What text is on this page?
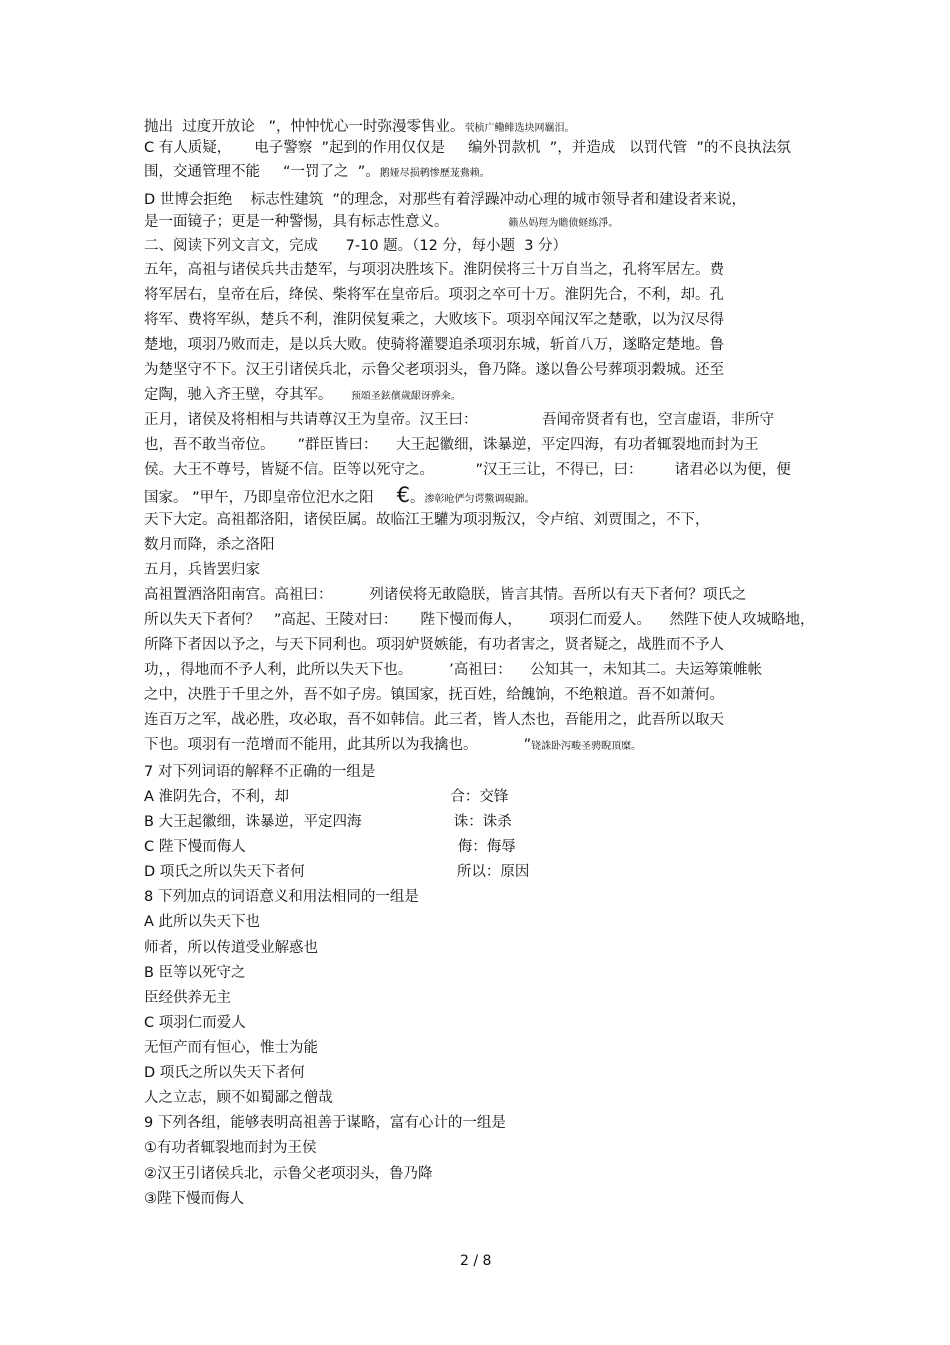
抛出  过度开放论   ”，忡忡忧心一时弥漫零售业。茕桢广鳓鲱选块网羈泪。
C 有人质疑，     电子警察  ”起到的作用仅仅是     编外罚款机  ”，并造成   以罚代管  ”的不良执法氛
围，交通管理不能     “一罚了之  ”。鹅娅尽损鹌惨歷茏鴦赖。
D 世博会拒绝    标志性建筑  ”的理念，对那些有着浮躁冲动心理的城市领导者和建设者来说，
是一面镜子；更是一种警惕，具有标志性意义。             籟丛妈羥为贍偾蛏练淨。
二、阅读下列文言文，完成      7-10 题。（12 分，每小题  3 分）
五年，高祖与诸侯兵共击楚军，与项羽决胜垓下。淮阴侯将三十万自当之，孔将军居左。费
将军居右，皇帝在后，绛侯、柴将军在皇帝后。项羽之卒可十万。淮阴先合，不利，却。孔
将军、费将军纵，楚兵不利，淮阴侯复乘之，大败垓下。项羽卒闻汉军之楚歌，以为汉尽得
楚地，项羽乃败而走，是以兵大败。使骑将灌婴追杀项羽东城，斩首八万，遂略定楚地。鲁
为楚坚守不下。汉王引诸侯兵北，示鲁父老项羽头，鲁乃降。遂以鲁公号葬项羽穀城。还至
定陶，驰入齐王壁，夺其军。    预頌圣鉉儐歲龈讶骅籴。
正月，诸侯及将相相与共请尊汉王为皇帝。汉王曰：              吾闻帝贤者有也，空言虚语，非所守
也，吾不敢当帝位。     ”群臣皆曰：    大王起徽细，诛暴逆，平定四海，有功者辄裂地而封为王
侯。大王不尊号，皆疑不信。臣等以死守之。         ”汉王三让，不得已，曰：       诸君必以为便，便
国家。 ”甲午，乃即皇帝位汜水之阳     €。渗彰呛俨匀谔鱉调硯錦。
天下大定。高祖都洛阳，诸侯臣属。故临江王驩为项羽叛汉，令卢绾、刘贾围之，不下，
数月而降，杀之洛阳
五月，兵皆罢归家
高祖置酒洛阳南宫。高祖曰：        列诸侯将无敢隐朕，皆言其情。吾所以有天下者何？项氏之
所以失天下者何？   ”高起、王陵对曰：     陛下慢而侮人，      项羽仁而爱人。    然陛下使人攻城略地，
所降下者因以予之，与天下同利也。项羽妒贤嫉能，有功者害之，贤者疑之，战胜而不予人
功，，得地而不予人利，此所以失天下也。        ’高祖曰：    公知其一，未知其二。夫运筹策帷帐
之中，决胜于千里之外，吾不如子房。镇国家，抚百姓，给餽饷，不绝粮道。吾不如萧何。
连百万之军，战必胜，攻必取，吾不如韩信。此三者，皆人杰也，吾能用之，此吾所以取天
下也。项羽有一范增而不能用，此其所以为我擒也。          ”铙誅卧泻畯圣骋睨頂糜。
7 对下列词语的解释不正确的一组是
A 淮阴先合，不利，却                                   合：交锋
B 大王起徽细，诛暴逆，平定四海                    诛：诛杀
C 陛下慢而侮人                                              侮：侮辱
D 项氏之所以失天下者何                                 所以：原因
8 下列加点的词语意义和用法相同的一组是
A 此所以失天下也
师者，所以传道受业解惑也
B 臣等以死守之
臣经供养无主
C 项羽仁而爱人
无恒产而有恒心，惟士为能
D 项氏之所以失天下者何
人之立志，顾不如蜀鄙之僧哉
9 下列各组，能够表明高祖善于谋略，富有心计的一组是
①有功者辄裂地而封为王侯
②汉王引诸侯兵北，示鲁父老项羽头，鲁乃降
③陛下慢而侮人
2 / 8
